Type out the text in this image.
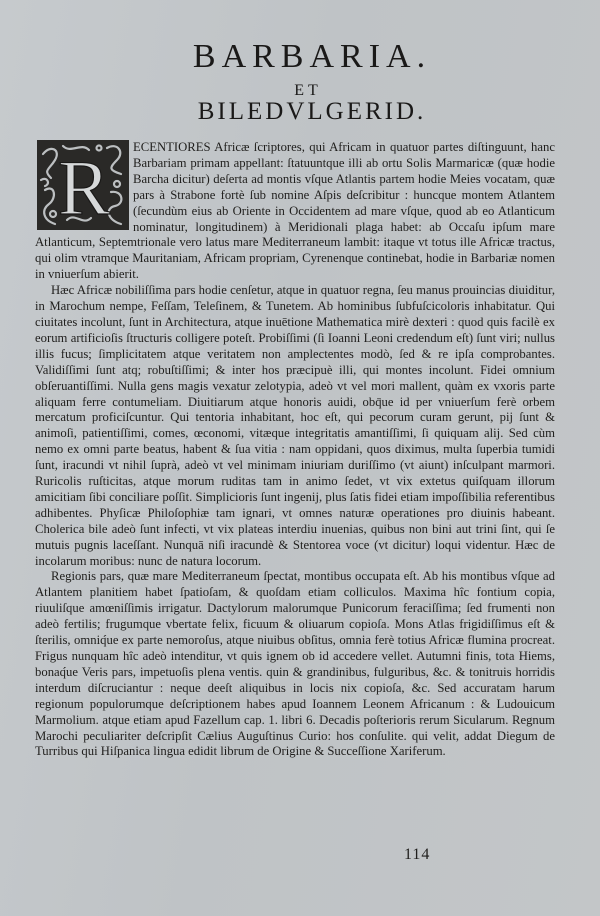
BARBARIA.
ET
BILEDVLGERID.
R	ECENTIORES Africæ ſcriptores, qui Africam in quatuor partes diſtinguunt, hanc Barbariam primam appellant: ſtatuuntque illi ab ortu Solis Marmaricæ (quæ hodie Barcha dicitur) deſerta ad montis vſque Atlantis partem hodie Meies vocatam, quæ pars à Strabone fortè ſub nomine Aſpis deſcribitur : huncque montem Atlantem (ſecundùm eius ab Oriente in Occidentem ad mare vſque, quod ab eo Atlanticum nominatur, longitudinem) à Meridionali plaga habet: ab Occaſu ipſum mare Atlanticum, Septemtrionale vero latus mare Mediterraneum lambit: itaque vt totus ille Africæ tractus, qui olim vtramque Mauritaniam, Africam propriam, Cyrenenque continebat, hodie in Barbariæ nomen in vniuerſum abierit.

Hæc Africæ nobiliſſima pars hodie cenſetur, atque in quatuor regna, ſeu manus prouincias diuiditur, in Marochum nempe, Feſſam, Teleſinem, & Tunetem. Ab hominibus ſubfuſcicoloris inhabitatur. Qui ciuitates incolunt, ſunt in Architectura, atque inuētione Mathematica mirè dexteri : quod quis facilè ex eorum artificioſis ſtructuris colligere poteſt. Probiſſimi (ſi Ioanni Leoni credendum eſt) ſunt viri; nullus illis fucus; ſimplicitatem atque veritatem non amplectentes modò, ſed & re ipſa comprobantes. Validiſſimi ſunt atq; robuſtiſſimi; & inter hos præcipuè illi, qui montes incolunt. Fidei omnium obſeruantiſſimi. Nulla gens magis vexatur zelotypia, adeò vt vel mori mallent, quàm ex vxoris parte aliquam ferre contumeliam. Diuitiarum atque honoris auidi, obq̄ue id per vniuerſum ferè orbem mercatum proficiſcuntur. Qui tentoria inhabitant, hoc eſt, qui pecorum curam gerunt, pij ſunt & animoſi, patientiſſimi, comes, œconomi, vitæque integritatis amantiſſimi, ſi quiquam alij. Sed cùm nemo ex omni parte beatus, habent & ſua vitia : nam oppidani, quos diximus, multa ſuperbia tumidi ſunt, iracundi vt nihil ſuprà, adeò vt vel minimam iniuriam duriſſimo (vt aiunt) inſculpant marmori. Ruricolis ruſticitas, atque morum ruditas tam in animo ſedet, vt vix extetus quiſquam illorum amicitiam ſibi conciliare poſſit. Simplicioris ſunt ingenij, plus ſatis fidei etiam impoſſibilia referentibus adhibentes. Phyſicæ Philoſophiæ tam ignari, vt omnes naturæ operationes pro diuinis habeant. Cholerica bile adeò ſunt infecti, vt vix plateas interdiu inuenias, quibus non bini aut trini ſint, qui ſe mutuis pugnis laceſſant. Nunquā niſi iracundè & Stentorea voce (vt dicitur) loqui videntur. Hæc de incolarum moribus: nunc de natura locorum.

Regionis pars, quæ mare Mediterraneum ſpectat, montibus occupata eſt. Ab his montibus vſque ad Atlantem planitiem habet ſpatioſam, & quoſdam etiam colliculos. Maxima hîc fontium copia, riuuliſque amœniſſimis irrigatur. Dactylorum malorumque Punicorum feraciſſima; ſed frumenti non adeò fertilis; frugumque vbertate felix, ficuum & oliuarum copioſa. Mons Atlas frigidiſſimus eſt & ſterilis, omniq́ue ex parte nemoroſus, atque niuibus obſitus, omnia ferè totius Africæ flumina procreat. Frigus nunquam hîc adeò intenditur, vt quis ignem ob id accedere vellet. Autumni finis, tota Hiems, bonaq́ue Veris pars, impetuoſis plena ventis. quin & grandinibus, fulguribus, &c. & tonitruis horridis interdum diſcruciantur : neque deeſt aliquibus in locis nix copioſa, &c. Sed accuratam harum regionum populorumque deſcriptionem habes apud Ioannem Leonem Africanum : & Ludouicum Marmolium. atque etiam apud Fazellum cap. 1. libri 6. Decadis poſterioris rerum Sicularum. Regnum Marochi peculiariter deſcripſit Cælius Auguſtinus Curio: hos conſulite. qui velit, addat Diegum de Turribus qui Hiſpanica lingua edidit librum de Origine & Succeſſione Xariferum.

114
